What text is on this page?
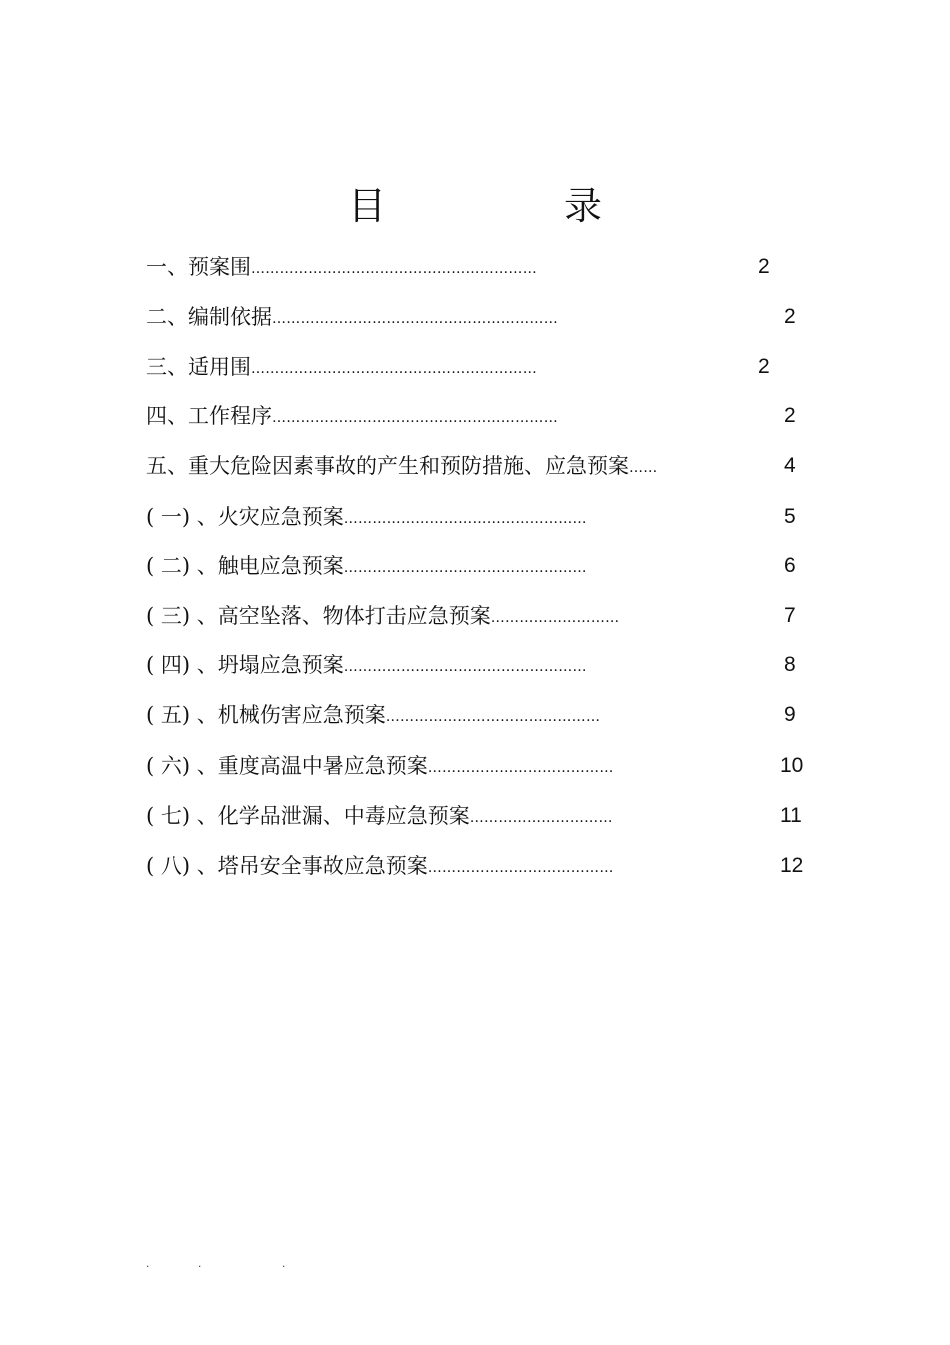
目　录
一、预案围……………………………………………………	2
二、编制依据……………………………………………………	2
三、适用围……………………………………………………	2
四、工作程序……………………………………………………	2
五、重大危险因素事故的产生和预防措施、应急预案……	4
( 一) 、火灾应急预案……………………………………………	5
( 二) 、触电应急预案……………………………………………	6
( 三) 、高空坠落、物体打击应急预案………………………	7
( 四) 、坍塌应急预案……………………………………………	8
( 五) 、机械伤害应急预案………………………………………	9
( 六) 、重度高温中暑应急预案…………………………………	10
( 七) 、化学品泄漏、中毒应急预案…………………………	11
( 八) 、塔吊安全事故应急预案…………………………………	12
.	.	.
